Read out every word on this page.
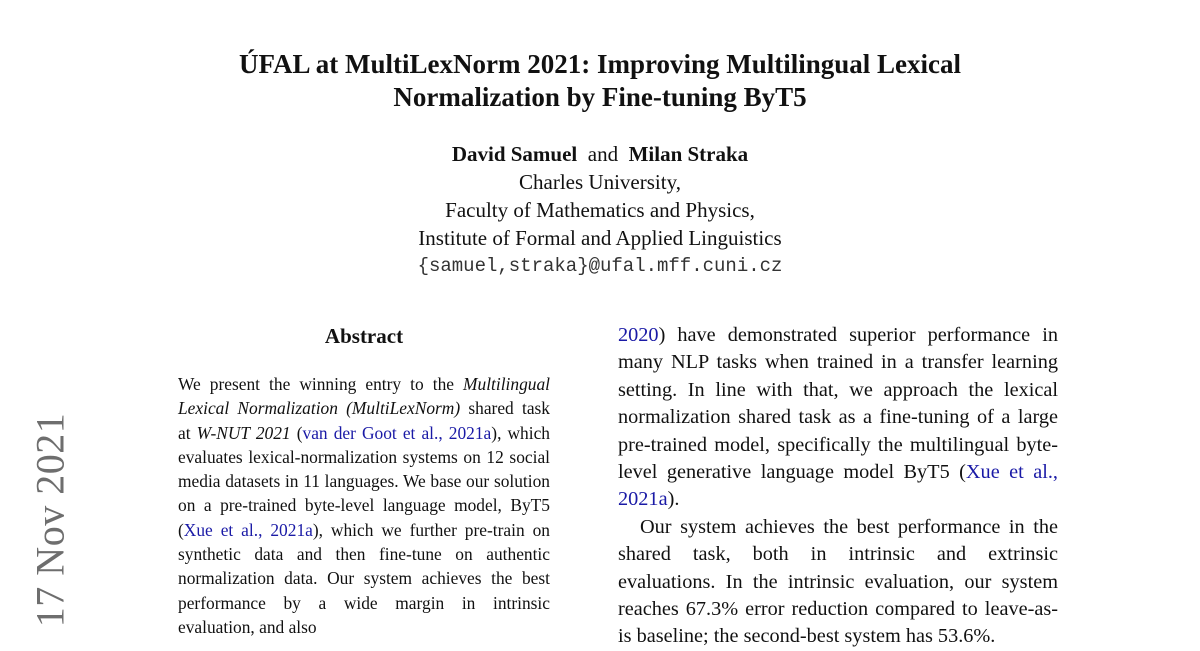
17 Nov 2021
ÚFAL at MultiLexNorm 2021: Improving Multilingual Lexical
Normalization by Fine-tuning ByT5
David Samuel and Milan Straka
Charles University,
Faculty of Mathematics and Physics,
Institute of Formal and Applied Linguistics
{samuel,straka}@ufal.mff.cuni.cz
Abstract

We present the winning entry to the Multilingual Lexical Normalization (MultiLexNorm) shared task at W-NUT 2021 (van der Goot et al., 2021a), which evaluates lexical-normalization systems on 12 social media datasets in 11 languages. We base our solution on a pre-trained byte-level language model, ByT5 (Xue et al., 2021a), which we further pre-train on synthetic data and then fine-tune on authentic normalization data. Our system achieves the best performance by a wide margin in intrinsic evaluation, and also

2020) have demonstrated superior performance in many NLP tasks when trained in a transfer learning setting. In line with that, we approach the lexical normalization shared task as a fine-tuning of a large pre-trained model, specifically the multilingual byte-level generative language model ByT5 (Xue et al., 2021a).

Our system achieves the best performance in the shared task, both in intrinsic and extrinsic evaluations. In the intrinsic evaluation, our system reaches 67.3% error reduction compared to leave-as-is baseline; the second-best system has 53.6%.
